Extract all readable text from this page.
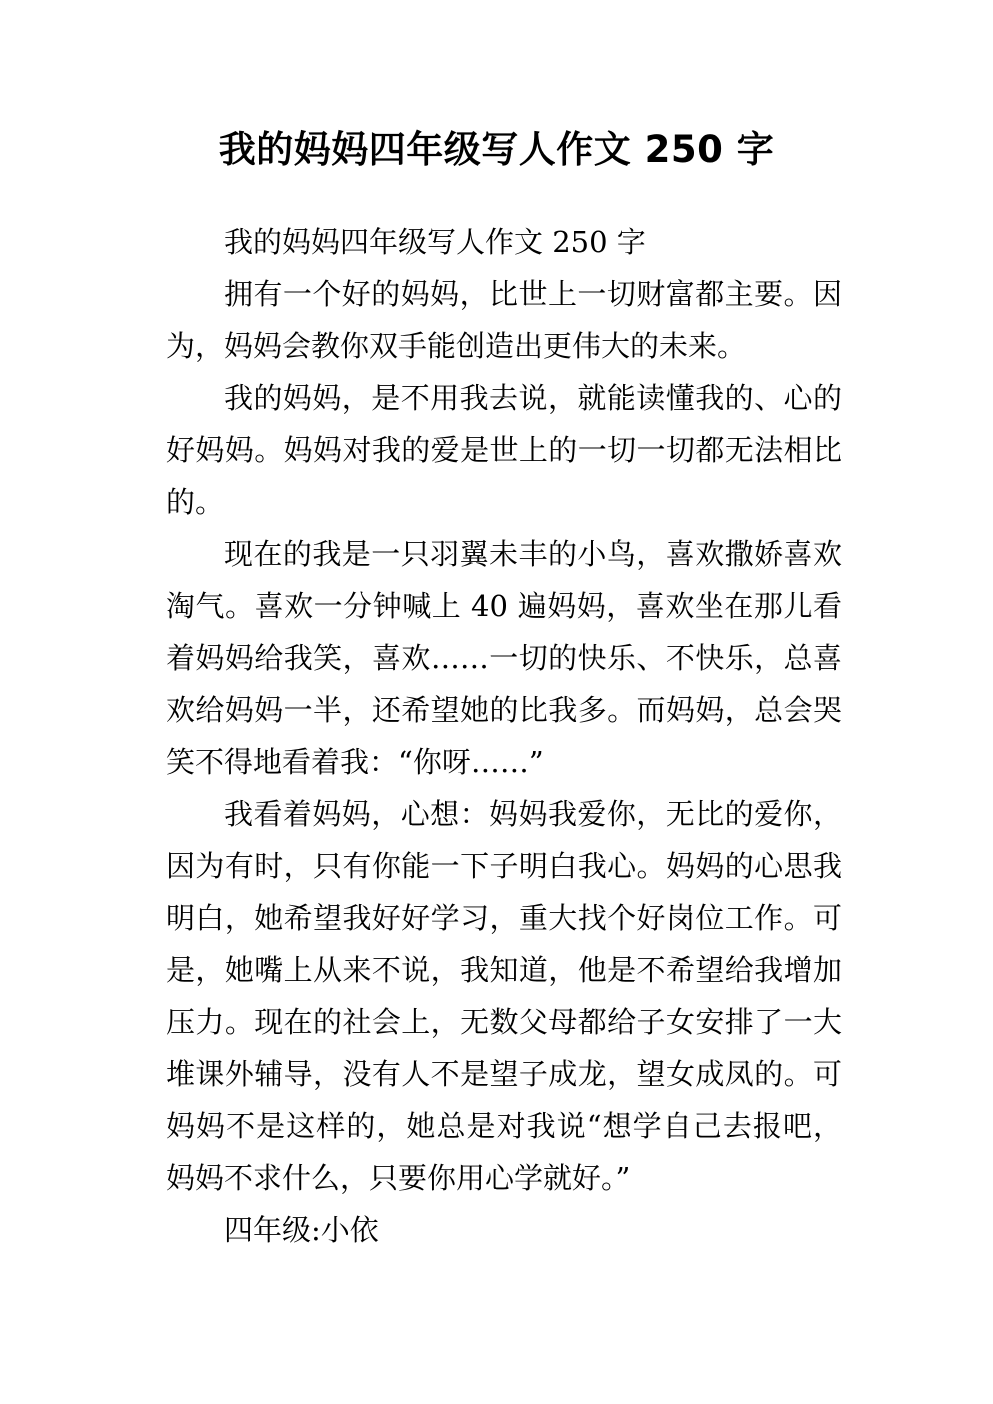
我的妈妈四年级写人作文 250 字

我的妈妈四年级写人作文 250 字

拥有一个好的妈妈，比世上一切财富都主要。因为，妈妈会教你双手能创造出更伟大的未来。

我的妈妈，是不用我去说，就能读懂我的、心的好妈妈。妈妈对我的爱是世上的一切一切都无法相比的。

现在的我是一只羽翼未丰的小鸟，喜欢撒娇喜欢淘气。喜欢一分钟喊上 40 遍妈妈，喜欢坐在那儿看着妈妈给我笑，喜欢……一切的快乐、不快乐，总喜欢给妈妈一半，还希望她的比我多。而妈妈，总会哭笑不得地看着我：“你呀……”

我看着妈妈，心想：妈妈我爱你，无比的爱你，因为有时，只有你能一下子明白我心。妈妈的心思我明白，她希望我好好学习，重大找个好岗位工作。可是，她嘴上从来不说，我知道，他是不希望给我增加压力。现在的社会上，无数父母都给子女安排了一大堆课外辅导，没有人不是望子成龙，望女成凤的。可妈妈不是这样的，她总是对我说“想学自己去报吧，妈妈不求什么，只要你用心学就好。”

四年级:小依
